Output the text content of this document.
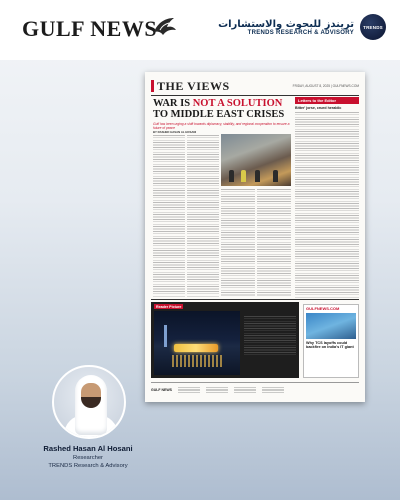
GULF NEWS	تريندز للبحوث والاستشارات
TRENDS RESEARCH & ADVISORY
TRENDS
THE VIEWS	FRIDAY, AUGUST 8, 2025 | GULFNEWS.COM
WAR IS NOT A SOLUTION
TO MIDDLE EAST CRISES
Gulf has been urging a shift towards diplomacy, stability, and regional cooperation to ensure a future of peace
BY RASHED HASAN AL HOSANI
Letters to the Editor
Bitter' jorse, crued heraldic
Reader Picture	GULFNEWS.COM
Why TCS layoffs could backfire on India's IT giant
GULF NEWS
Rashed Hasan Al Hosani
Researcher
TRENDS Research & Advisory
